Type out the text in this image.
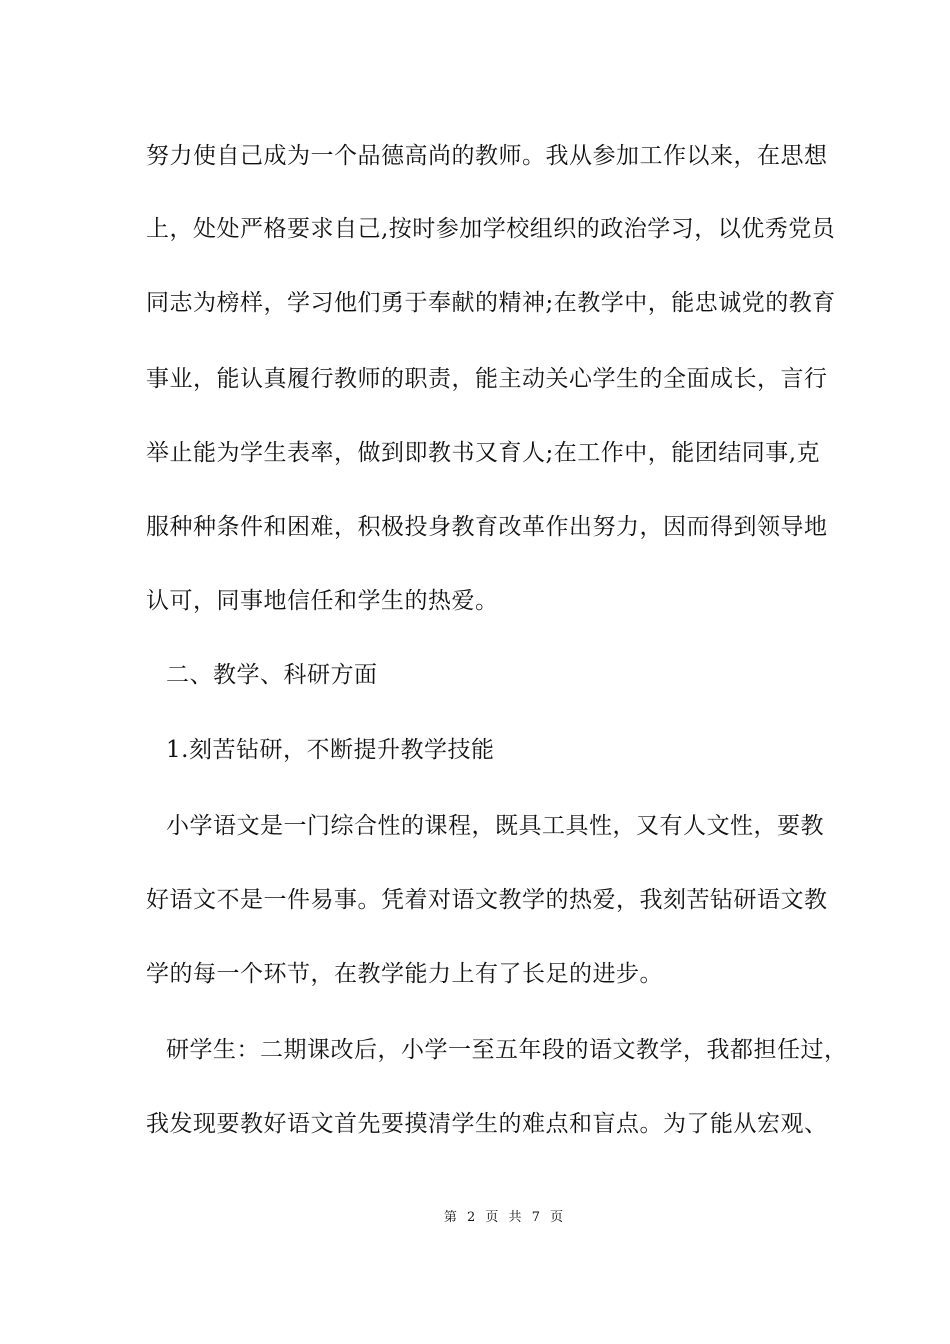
努力使自己成为一个品德高尚的教师。我从参加工作以来，在思想
上，处处严格要求自己,按时参加学校组织的政治学习，以优秀党员
同志为榜样，学习他们勇于奉献的精神;在教学中，能忠诚党的教育
事业，能认真履行教师的职责，能主动关心学生的全面成长，言行
举止能为学生表率，做到即教书又育人;在工作中，能团结同事,克
服种种条件和困难，积极投身教育改革作出努力，因而得到领导地
认可，同事地信任和学生的热爱。
二、教学、科研方面
1.刻苦钻研，不断提升教学技能
小学语文是一门综合性的课程，既具工具性，又有人文性，要教
好语文不是一件易事。凭着对语文教学的热爱，我刻苦钻研语文教
学的每一个环节，在教学能力上有了长足的进步。
研学生：二期课改后，小学一至五年段的语文教学，我都担任过，
我发现要教好语文首先要摸清学生的难点和盲点。为了能从宏观、
第 2 页 共 7 页
